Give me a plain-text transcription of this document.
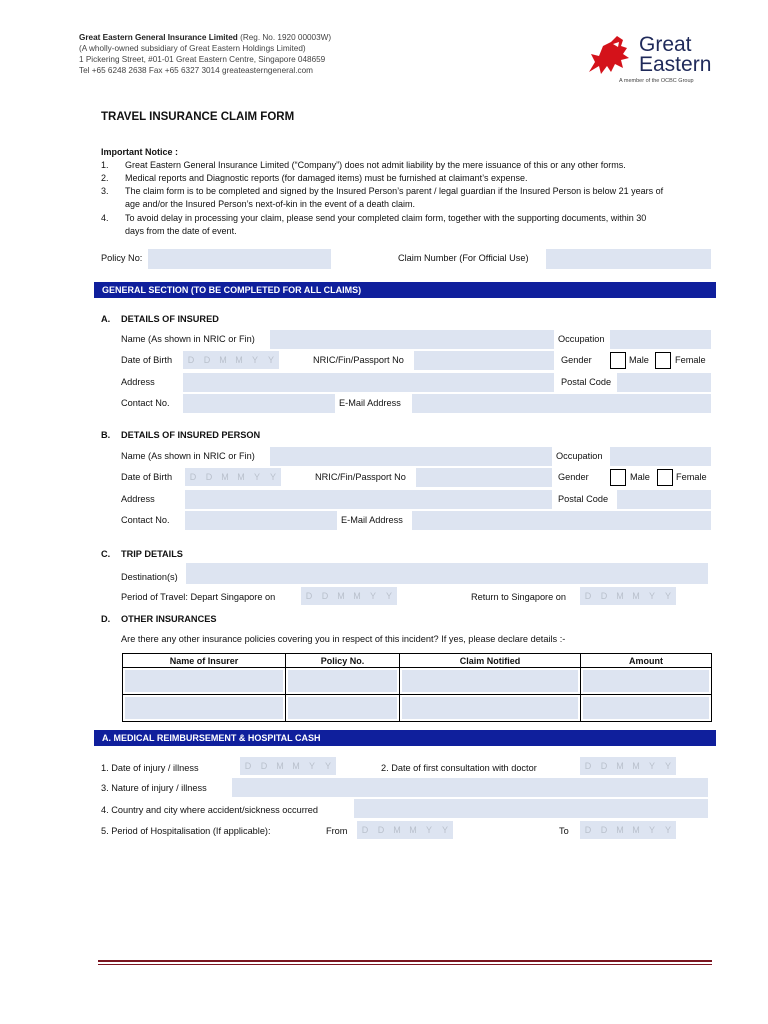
Great Eastern General Insurance Limited (Reg. No. 1920 00003W)
(A wholly-owned subsidiary of Great Eastern Holdings Limited)
1 Pickering Street, #01-01 Great Eastern Centre, Singapore 048659
Tel +65 6248 2638 Fax +65 6327 3014 greateasterngeneral.com
Great
Eastern
A member of the OCBC Group
TRAVEL INSURANCE CLAIM FORM
Important Notice :
1. Great Eastern General Insurance Limited (“Company”) does not admit liability by the mere issuance of this or any other forms.
2. Medical reports and Diagnostic reports (for damaged items) must be furnished at claimant’s expense.
3. The claim form is to be completed and signed by the Insured Person’s parent / legal guardian if the Insured Person is below 21 years of
age and/or the Insured Person’s next-of-kin in the event of a death claim.
4. To avoid delay in processing your claim, please send your completed claim form, together with the supporting documents, within 30
days from the date of event.
Policy No:	Claim Number (For Official Use)
GENERAL SECTION (TO BE COMPLETED FOR ALL CLAIMS)
A. DETAILS OF INSURED
Name (As shown in NRIC or Fin)	Occupation
Date of Birth	D	D	M M	Y	Y	NRIC/Fin/Passport No	Gender	Male	Female
Address	Postal Code
Contact No.	E-Mail Address
B. DETAILS OF INSURED PERSON
Name (As shown in NRIC or Fin)	Occupation
Date of Birth	D	D	M M	Y	Y	NRIC/Fin/Passport No	Gender	Male	Female
Address	Postal Code
Contact No.	E-Mail Address
C. TRIP DETAILS
Destination(s)
Period of Travel: Depart Singapore on	D	D	M M	Y	Y	Return to Singapore on	D	D	M M	Y	Y
D. OTHER INSURANCES
Are there any other insurance policies covering you in respect of this incident? If yes, please declare details :-
Name of Insurer	Policy No.	Claim Notified	Amount

A. MEDICAL REIMBURSEMENT & HOSPITAL CASH
1. Date of injury / illness	D	D	M M	Y	Y	2. Date of first consultation with doctor	D	D	M M	Y	Y
3. Nature of injury / illness
4. Country and city where accident/sickness occurred
5. Period of Hospitalisation (If applicable):	From	D	D	M M	Y	Y	To	D	D	M M	Y	Y
